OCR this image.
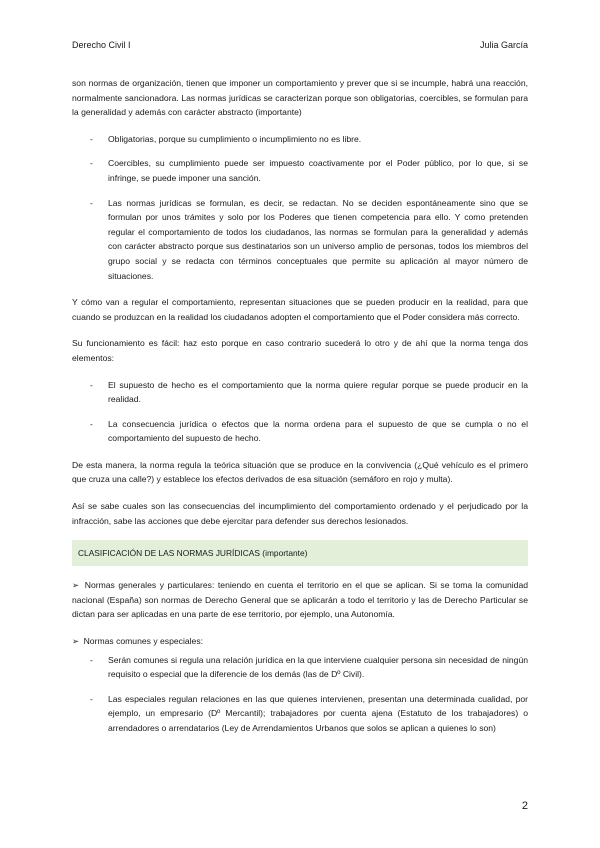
Derecho Civil I	Julia García

son normas de organización, tienen que imponer un comportamiento y prever que si se incumple, habrá una reacción, normalmente sancionadora. Las normas jurídicas se caracterizan porque son obligatorias, coercibles, se formulan para la generalidad y además con carácter abstracto (importante)

- Obligatorias, porque su cumplimiento o incumplimiento no es libre.
- Coercibles, su cumplimiento puede ser impuesto coactivamente por el Poder público, por lo que, si se infringe, se puede imponer una sanción.
- Las normas jurídicas se formulan, es decir, se redactan. No se deciden espontáneamente sino que se formulan por unos trámites y solo por los Poderes que tienen competencia para ello. Y como pretenden regular el comportamiento de todos los ciudadanos, las normas se formulan para la generalidad y además con carácter abstracto porque sus destinatarios son un universo amplio de personas, todos los miembros del grupo social y se redacta con términos conceptuales que permite su aplicación al mayor número de situaciones.

Y cómo van a regular el comportamiento, representan situaciones que se pueden producir en la realidad, para que cuando se produzcan en la realidad los ciudadanos adopten el comportamiento que el Poder considera más correcto.

Su funcionamiento es fácil: haz esto porque en caso contrario sucederá lo otro y de ahí que la norma tenga dos elementos:

- El supuesto de hecho es el comportamiento que la norma quiere regular porque se puede producir en la realidad.
- La consecuencia jurídica o efectos que la norma ordena para el supuesto de que se cumpla o no el comportamiento del supuesto de hecho.

De esta manera, la norma regula la teórica situación que se produce en la convivencia (¿Qué vehículo es el primero que cruza una calle?) y establece los efectos derivados de esa situación (semáforo en rojo y multa).

Así se sabe cuales son las consecuencias del incumplimiento del comportamiento ordenado y el perjudicado por la infracción, sabe las acciones que debe ejercitar para defender sus derechos lesionados.

CLASIFICACIÓN DE LAS NORMAS JURÍDICAS (importante)

➢ Normas generales y particulares: teniendo en cuenta el territorio en el que se aplican. Si se toma la comunidad nacional (España) son normas de Derecho General que se aplicarán a todo el territorio y las de Derecho Particular se dictan para ser aplicadas en una parte de ese territorio, por ejemplo, una Autonomía.

➢ Normas comunes y especiales:

- Serán comunes si regula una relación jurídica en la que interviene cualquier persona sin necesidad de ningún requisito o especial que la diferencie de los demás (las de Dº Civil).
- Las especiales regulan relaciones en las que quienes intervienen, presentan una determinada cualidad, por ejemplo, un empresario (Dº Mercantil); trabajadores por cuenta ajena (Estatuto de los trabajadores) o arrendadores o arrendatarios (Ley de Arrendamientos Urbanos que solos se aplican a quienes lo son)
2
